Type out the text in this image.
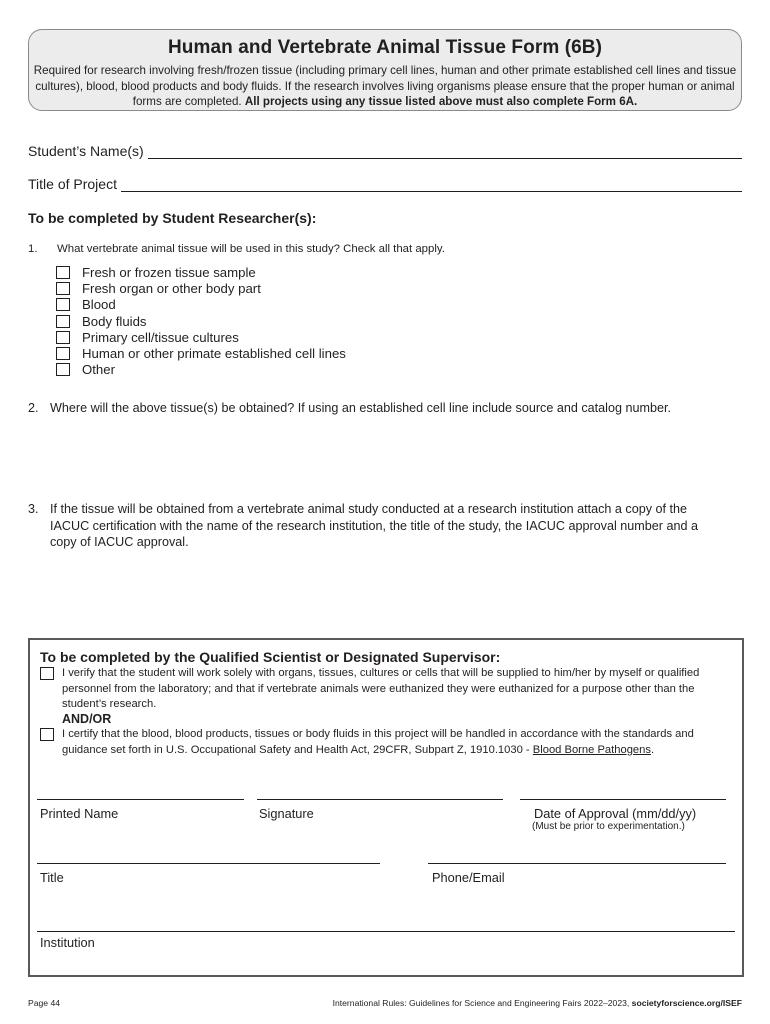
Human and Vertebrate Animal Tissue Form (6B)
Required for research involving fresh/frozen tissue (including primary cell lines, human and other primate established cell lines and tissue cultures), blood, blood products and body fluids. If the research involves living organisms please ensure that the proper human or animal forms are completed. All projects using any tissue listed above must also complete Form 6A.
Student’s Name(s)
Title of Project
To be completed by Student Researcher(s):
1. What vertebrate animal tissue will be used in this study? Check all that apply.
Fresh or frozen tissue sample
Fresh organ or other body part
Blood
Body fluids
Primary cell/tissue cultures
Human or other primate established cell lines
Other
2. Where will the above tissue(s) be obtained? If using an established cell line include source and catalog number.
3. If the tissue will be obtained from a vertebrate animal study conducted at a research institution attach a copy of the IACUC certification with the name of the research institution, the title of the study, the IACUC approval number and a copy of IACUC approval.
To be completed by the Qualified Scientist or Designated Supervisor:
I verify that the student will work solely with organs, tissues, cultures or cells that will be supplied to him/her by myself or qualified personnel from the laboratory; and that if vertebrate animals were euthanized they were euthanized for a purpose other than the student’s research.
AND/OR
I certify that the blood, blood products, tissues or body fluids in this project will be handled in accordance with the standards and guidance set forth in U.S. Occupational Safety and Health Act, 29CFR, Subpart Z, 1910.1030 - Blood Borne Pathogens.
Printed Name	Signature	Date of Approval (mm/dd/yy)
(Must be prior to experimentation.)
Title	Phone/Email
Institution
Page 44	International Rules: Guidelines for Science and Engineering Fairs 2022–2023, societyforscience.org/ISEF
